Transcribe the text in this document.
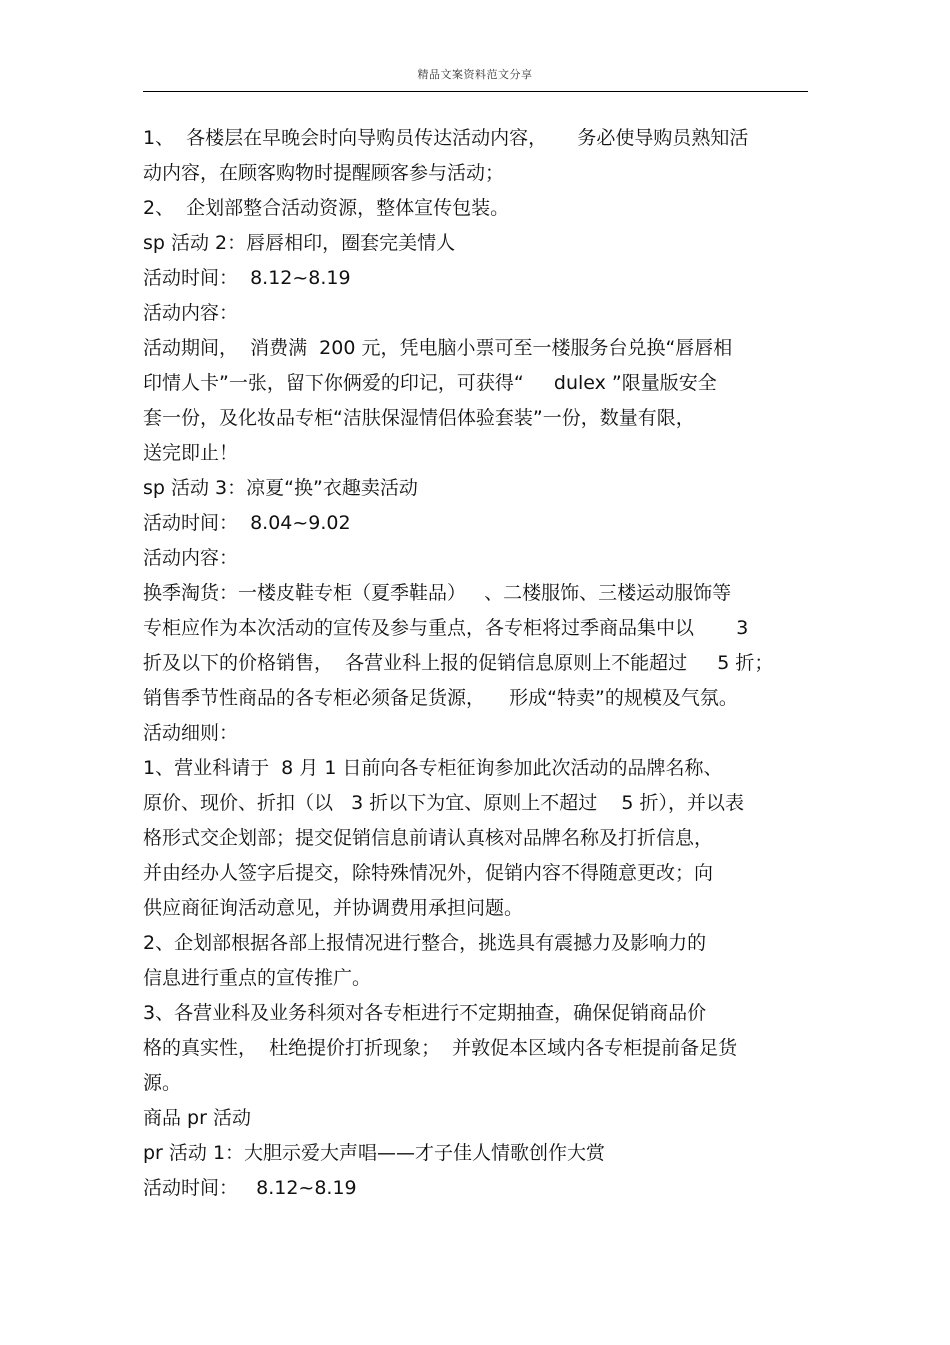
精品文案资料范文分享
1、  各楼层在早晚会时向导购员传达活动内容，     务必使导购员熟知活
动内容，在顾客购物时提醒顾客参与活动；
2、  企划部整合活动资源，整体宣传包装。
sp 活动 2：唇唇相印，圈套完美情人
活动时间：  8.12~8.19
活动内容：
活动期间，  消费满  200 元，凭电脑小票可至一楼服务台兑换“唇唇相
印情人卡”一张，留下你俩爱的印记，可获得“     dulex ”限量版安全
套一份，及化妆品专柜“洁肤保湿情侣体验套装”一份，数量有限，
送完即止！
sp 活动 3：凉夏“换”衣趣卖活动
活动时间：  8.04~9.02
活动内容：
换季淘货：一楼皮鞋专柜（夏季鞋品）   、二楼服饰、三楼运动服饰等
专柜应作为本次活动的宣传及参与重点，各专柜将过季商品集中以       3
折及以下的价格销售，  各营业科上报的促销信息原则上不能超过     5 折；
销售季节性商品的各专柜必须备足货源，    形成“特卖”的规模及气氛。
活动细则：
1、营业科请于  8 月 1 日前向各专柜征询参加此次活动的品牌名称、
原价、现价、折扣（以   3 折以下为宜、原则上不超过    5 折），并以表
格形式交企划部；提交促销信息前请认真核对品牌名称及打折信息，
并由经办人签字后提交，除特殊情况外，促销内容不得随意更改；向
供应商征询活动意见，并协调费用承担问题。
2、企划部根据各部上报情况进行整合，挑选具有震撼力及影响力的
信息进行重点的宣传推广。
3、各营业科及业务科须对各专柜进行不定期抽查，确保促销商品价
格的真实性，  杜绝提价打折现象；  并敦促本区域内各专柜提前备足货
源。
商品 pr 活动
pr 活动 1：大胆示爱大声唱——才子佳人情歌创作大赏
活动时间：   8.12~8.19
